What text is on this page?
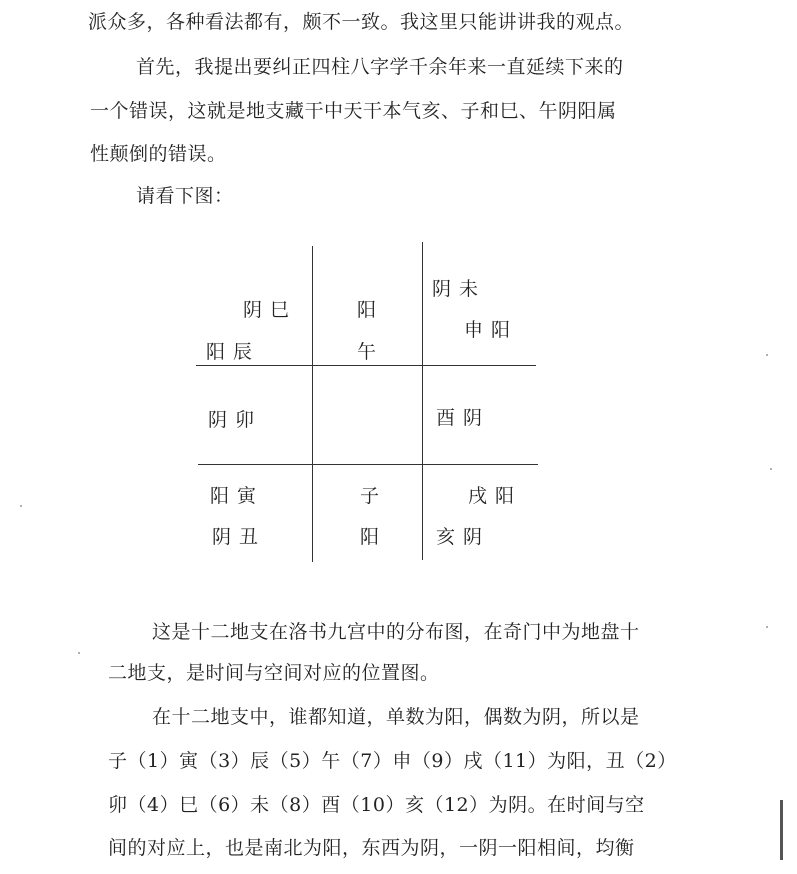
派众多，各种看法都有，颇不一致。我这里只能讲讲我的观点。
首先，我提出要纠正四柱八字学千余年来一直延续下来的
一个错误，这就是地支藏干中天干本气亥、子和巳、午阴阳属
性颠倒的错误。
请看下图：
阴巳
阳辰
阳
午
阴未
申阳
阴卯	酉阴
阳寅
阴丑
子
阳
戌阳
亥阴
这是十二地支在洛书九宫中的分布图，在奇门中为地盘十
二地支，是时间与空间对应的位置图。
在十二地支中，谁都知道，单数为阳，偶数为阴，所以是
子（1）寅（3）辰（5）午（7）申（9）戌（11）为阳，丑（2）
卯（4）巳（6）未（8）酉（10）亥（12）为阴。在时间与空
间的对应上，也是南北为阳，东西为阴，一阴一阳相间，均衡
